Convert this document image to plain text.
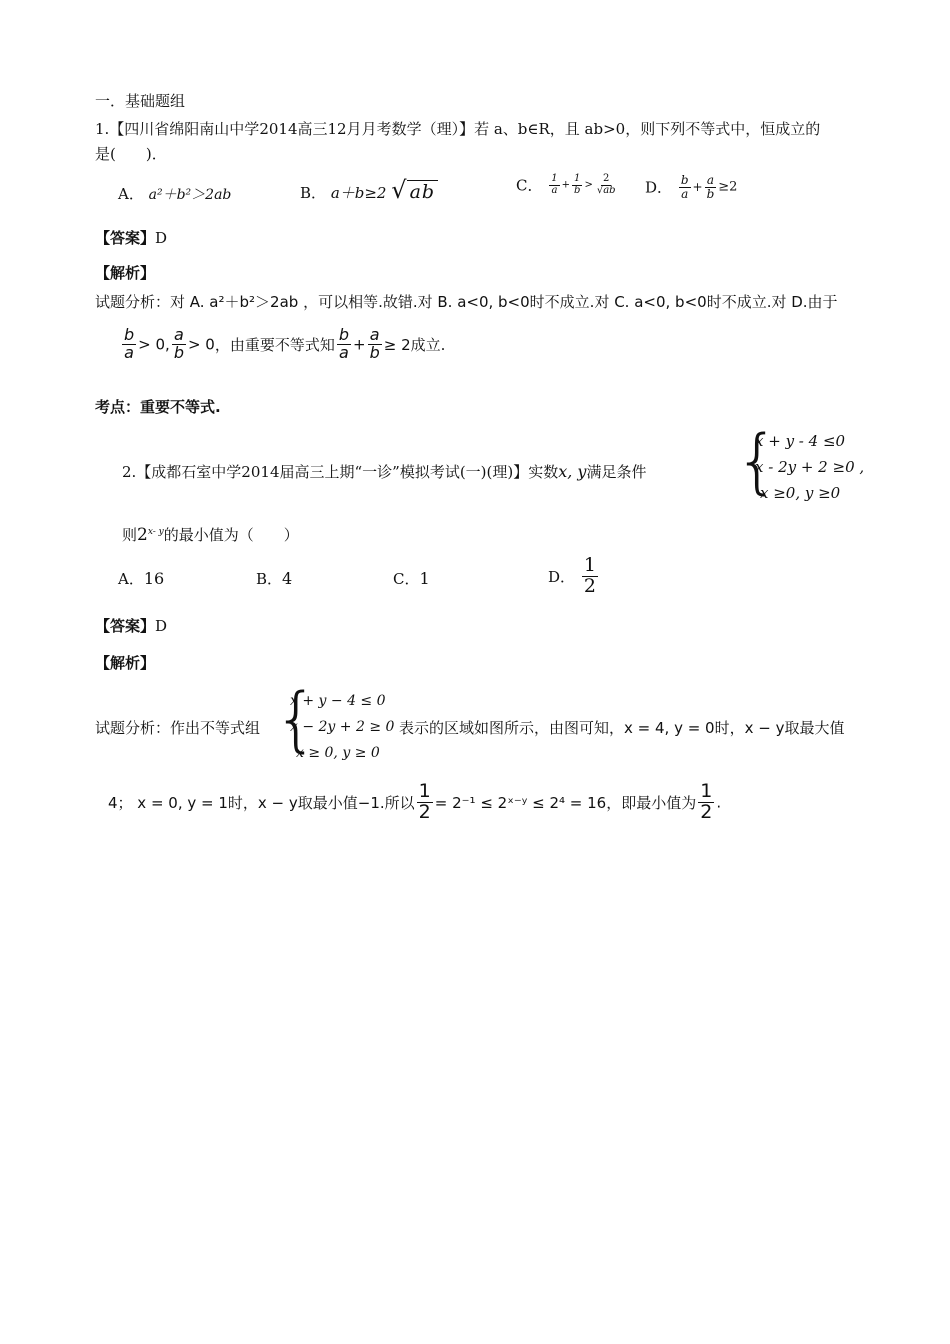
一．基础题组
1.【四川省绵阳南山中学2014高三12月月考数学（理）】若 a、b∈R，且 ab>0，则下列不等式中，恒成立的
是(　　)．
A． a²＋b²＞2ab	B． a＋b≥2 √ ab	C． $\frac{1}{a} + \frac{1}{b} > \frac{2}{√ab}$ D． $\frac{b}{a} + \frac{a}{b} \ge 2$
【答案】D
【解析】
试题分析：对 A. a²＋b²＞2ab ，可以相等.故错.对 B. a<0, b<0时不成立.对 C. a<0, b<0时不成立.对 D.由于
$\frac{b}{a} > 0$, $\frac{a}{b} > 0$，由重要不等式知 $\frac{b}{a} + \frac{a}{b} \ge 2$成立.
考点：重要不等式.
2.【成都石室中学2014届高三上期“一诊”模拟考试(一)(理)】实数x, y满足条件 {
x + y - 4 ≤0
x - 2y + 2 ≥0 ,
x ≥0, y ≥0
则2$^{x- y}$的最小值为（　　）
A．16	B．4	C．1	D． $\frac{1}{2}$
【答案】D
【解析】
试题分析：作出不等式组 {
x + y − 4 ≤ 0
x − 2y + 2 ≥ 0
x ≥ 0, y ≥ 0
表示的区域如图所示，由图可知，x = 4, y = 0时，x − y取最大值
4； x = 0, y = 1时，x − y取最小值−1.所以 $\frac{1}{2} = 2^{-1}$ ≤ 2ˣ⁻ʸ ≤ 2⁴ = 16，即最小值为 $\frac{1}{2}$ .
